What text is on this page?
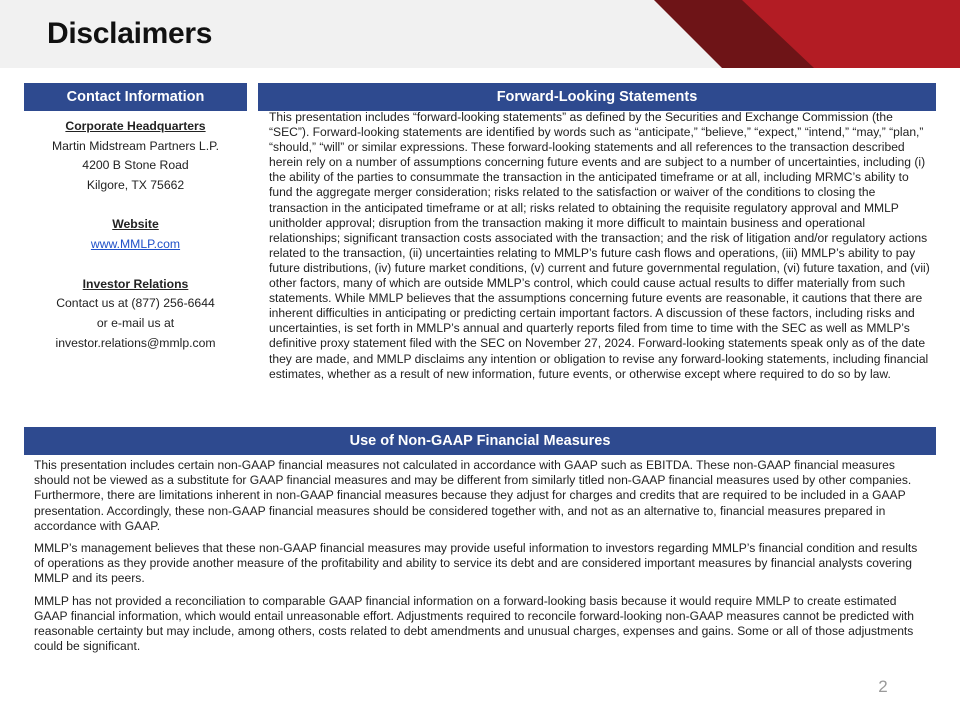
Disclaimers
Contact Information	Forward-Looking Statements
Corporate Headquarters
Martin Midstream Partners L.P.
4200 B Stone Road
Kilgore, TX 75662
Website
www.MMLP.com
Investor Relations
Contact us at (877) 256-6644
or e-mail us at
investor.relations@mmlp.com

This presentation includes “forward-looking statements” as defined by the Securities and Exchange Commission (the “SEC”). Forward-looking statements are identified by words such as “anticipate,” “believe,” “expect,” “intend,” “may,” “plan,” “should,” “will” or similar expressions. These forward-looking statements and all references to the transaction described herein rely on a number of assumptions concerning future events and are subject to a number of uncertainties, including (i) the ability of the parties to consummate the transaction in the anticipated timeframe or at all, including MRMC’s ability to fund the aggregate merger consideration; risks related to the satisfaction or waiver of the conditions to closing the transaction in the anticipated timeframe or at all; risks related to obtaining the requisite regulatory approval and MMLP unitholder approval; disruption from the transaction making it more difficult to maintain business and operational relationships; significant transaction costs associated with the transaction; and the risk of litigation and/or regulatory actions related to the transaction, (ii) uncertainties relating to MMLP’s future cash flows and operations, (iii) MMLP’s ability to pay future distributions, (iv) future market conditions, (v) current and future governmental regulation, (vi) future taxation, and (vii) other factors, many of which are outside MMLP’s control, which could cause actual results to differ materially from such statements. While MMLP believes that the assumptions concerning future events are reasonable, it cautions that there are inherent difficulties in anticipating or predicting certain important factors. A discussion of these factors, including risks and uncertainties, is set forth in MMLP’s annual and quarterly reports filed from time to time with the SEC as well as MMLP’s definitive proxy statement filed with the SEC on November 27, 2024. Forward-looking statements speak only as of the date they are made, and MMLP disclaims any intention or obligation to revise any forward-looking statements, including financial estimates, whether as a result of new information, future events, or otherwise except where required to do so by law.

Use of Non-GAAP Financial Measures

This presentation includes certain non-GAAP financial measures not calculated in accordance with GAAP such as EBITDA. These non-GAAP financial measures should not be viewed as a substitute for GAAP financial measures and may be different from similarly titled non-GAAP financial measures used by other companies. Furthermore, there are limitations inherent in non-GAAP financial measures because they adjust for charges and credits that are required to be included in a GAAP presentation. Accordingly, these non-GAAP financial measures should be considered together with, and not as an alternative to, financial measures prepared in accordance with GAAP.

MMLP’s management believes that these non-GAAP financial measures may provide useful information to investors regarding MMLP’s financial condition and results of operations as they provide another measure of the profitability and ability to service its debt and are considered important measures by financial analysts covering MMLP and its peers.

MMLP has not provided a reconciliation to comparable GAAP financial information on a forward-looking basis because it would require MMLP to create estimated GAAP financial information, which would entail unreasonable effort. Adjustments required to reconcile forward-looking non-GAAP measures cannot be predicted with reasonable certainty but may include, among others, costs related to debt amendments and unusual charges, expenses and gains. Some or all of those adjustments could be significant.

2
